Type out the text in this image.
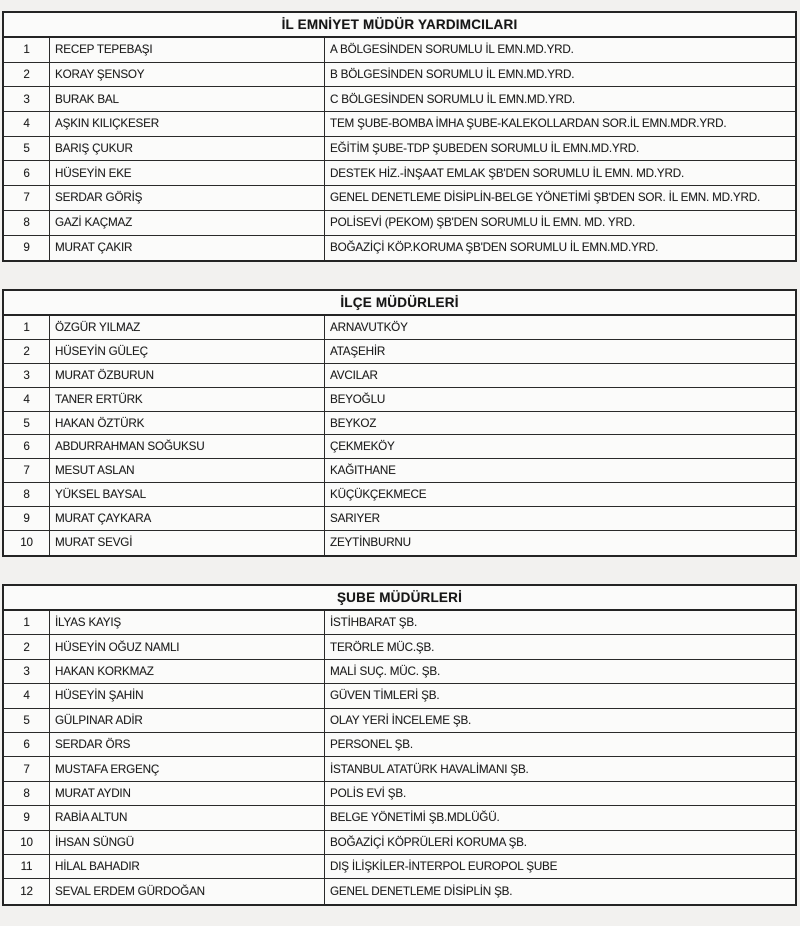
İL EMNİYET MÜDÜR YARDIMCILARI
1	RECEP TEPEBAŞI	A BÖLGESİNDEN SORUMLU İL EMN.MD.YRD.
2	KORAY ŞENSOY	B BÖLGESİNDEN SORUMLU İL EMN.MD.YRD.
3	BURAK BAL	C BÖLGESİNDEN SORUMLU İL EMN.MD.YRD.
4	AŞKIN KILIÇKESER	TEM ŞUBE-BOMBA İMHA ŞUBE-KALEKOLLARDAN SOR.İL EMN.MDR.YRD.
5	BARIŞ ÇUKUR	EĞİTİM ŞUBE-TDP ŞUBEDEN SORUMLU İL EMN.MD.YRD.
6	HÜSEYİN EKE	DESTEK HİZ.-İNŞAAT EMLAK ŞB'DEN SORUMLU İL EMN. MD.YRD.
7	SERDAR GÖRİŞ	GENEL DENETLEME DİSİPLİN-BELGE YÖNETİMİ ŞB'DEN SOR. İL EMN. MD.YRD.
8	GAZİ KAÇMAZ	POLİSEVİ (PEKOM) ŞB'DEN SORUMLU İL EMN. MD. YRD.
9	MURAT ÇAKIR	BOĞAZİÇİ KÖP.KORUMA ŞB'DEN SORUMLU İL EMN.MD.YRD.
İLÇE MÜDÜRLERİ
1	ÖZGÜR YILMAZ	ARNAVUTKÖY
2	HÜSEYİN GÜLEÇ	ATAŞEHİR
3	MURAT ÖZBURUN	AVCILAR
4	TANER ERTÜRK	BEYOĞLU
5	HAKAN ÖZTÜRK	BEYKOZ
6	ABDURRAHMAN SOĞUKSU	ÇEKMEKÖY
7	MESUT ASLAN	KAĞITHANE
8	YÜKSEL BAYSAL	KÜÇÜKÇEKMECE
9	MURAT ÇAYKARA	SARIYER
10	MURAT SEVGİ	ZEYTİNBURNU
ŞUBE MÜDÜRLERİ
1	İLYAS KAYIŞ	İSTİHBARAT ŞB.
2	HÜSEYİN OĞUZ NAMLI	TERÖRLE MÜC.ŞB.
3	HAKAN KORKMAZ	MALİ SUÇ. MÜC. ŞB.
4	HÜSEYİN ŞAHİN	GÜVEN TİMLERİ ŞB.
5	GÜLPINAR ADİR	OLAY YERİ İNCELEME ŞB.
6	SERDAR ÖRS	PERSONEL ŞB.
7	MUSTAFA ERGENÇ	İSTANBUL ATATÜRK HAVALİMANI ŞB.
8	MURAT AYDIN	POLİS EVİ ŞB.
9	RABİA ALTUN	BELGE YÖNETİMİ ŞB.MDLÜĞÜ.
10	İHSAN SÜNGÜ	BOĞAZİÇİ KÖPRÜLERİ KORUMA ŞB.
11	HİLAL BAHADIR	DIŞ İLİŞKİLER-İNTERPOL EUROPOL ŞUBE
12	SEVAL ERDEM GÜRDOĞAN	GENEL DENETLEME DİSİPLİN ŞB.
